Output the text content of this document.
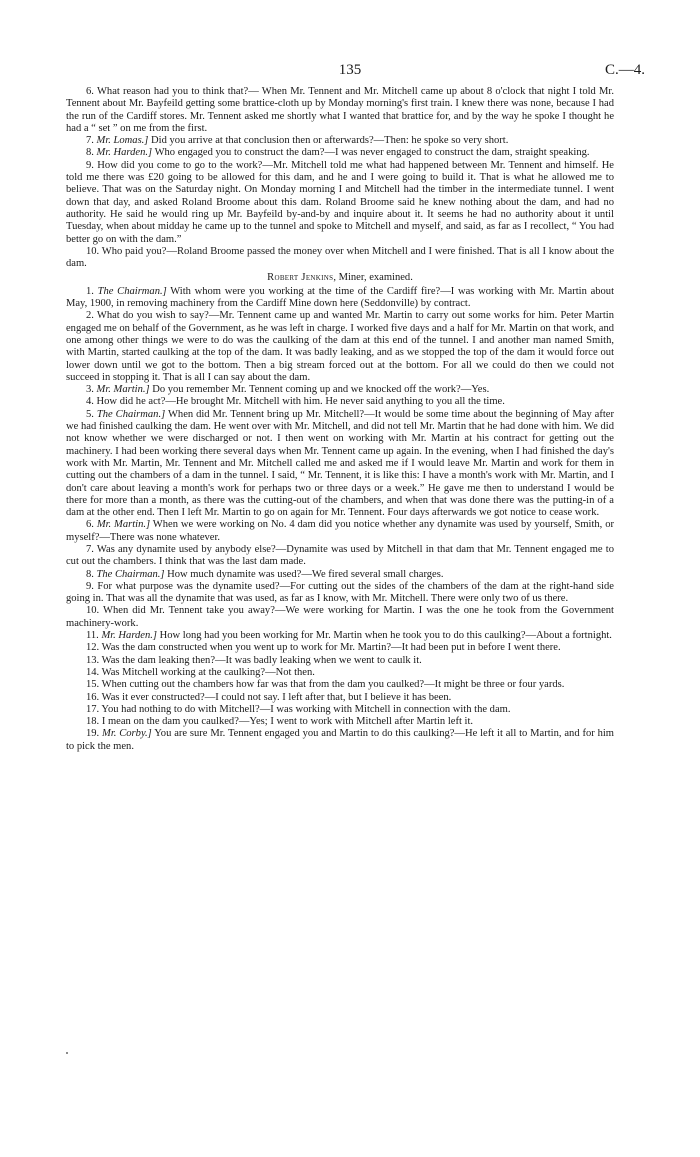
135	C.—4.

6. What reason had you to think that?— When Mr. Tennent and Mr. Mitchell came up about 8 o'clock that night I told Mr. Tennent about Mr. Bayfeild getting some brattice-cloth up by Monday morning's first train. I knew there was none, because I had the run of the Cardiff stores. Mr. Tennent asked me shortly what I wanted that brattice for, and by the way he spoke I thought he had a “ set ” on me from the first.

7. Mr. Lomas.] Did you arrive at that conclusion then or afterwards?—Then: he spoke so very short.

8. Mr. Harden.] Who engaged you to construct the dam?—I was never engaged to construct the dam, straight speaking.

9. How did you come to go to the work?—Mr. Mitchell told me what had happened between Mr. Tennent and himself. He told me there was £20 going to be allowed for this dam, and he and I were going to build it. That is what he allowed me to believe. That was on the Saturday night. On Monday morning I and Mitchell had the timber in the intermediate tunnel. I went down that day, and asked Roland Broome about this dam. Roland Broome said he knew nothing about the dam, and had no authority. He said he would ring up Mr. Bayfeild by-and-by and inquire about it. It seems he had no authority about it until Tuesday, when about midday he came up to the tunnel and spoke to Mitchell and myself, and said, as far as I recollect, “ You had better go on with the dam.”

10. Who paid you?—Roland Broome passed the money over when Mitchell and I were finished. That is all I know about the dam.

Robert Jenkins, Miner, examined.

1. The Chairman.] With whom were you working at the time of the Cardiff fire?—I was working with Mr. Martin about May, 1900, in removing machinery from the Cardiff Mine down here (Seddonville) by contract.

2. What do you wish to say?—Mr. Tennent came up and wanted Mr. Martin to carry out some works for him. Peter Martin engaged me on behalf of the Government, as he was left in charge. I worked five days and a half for Mr. Martin on that work, and one among other things we were to do was the caulking of the dam at this end of the tunnel. I and another man named Smith, with Martin, started caulking at the top of the dam. It was badly leaking, and as we stopped the top of the dam it would force out lower down until we got to the bottom. Then a big stream forced out at the bottom. For all we could do then we could not succeed in stopping it. That is all I can say about the dam.

3. Mr. Martin.] Do you remember Mr. Tennent coming up and we knocked off the work?—Yes.

4. How did he act?—He brought Mr. Mitchell with him. He never said anything to you all the time.

5. The Chairman.] When did Mr. Tennent bring up Mr. Mitchell?—It would be some time about the beginning of May after we had finished caulking the dam. He went over with Mr. Mitchell, and did not tell Mr. Martin that he had done with him. We did not know whether we were discharged or not. I then went on working with Mr. Martin at his contract for getting out the machinery. I had been working there several days when Mr. Tennent came up again. In the evening, when I had finished the day's work with Mr. Martin, Mr. Tennent and Mr. Mitchell called me and asked me if I would leave Mr. Martin and work for them in cutting out the chambers of a dam in the tunnel. I said, “ Mr. Tennent, it is like this: I have a month's work with Mr. Martin, and I don't care about leaving a month's work for perhaps two or three days or a week.” He gave me then to understand I would be there for more than a month, as there was the cutting-out of the chambers, and when that was done there was the putting-in of a dam at the other end. Then I left Mr. Martin to go on again for Mr. Tennent. Four days afterwards we got notice to cease work.

6. Mr. Martin.] When we were working on No. 4 dam did you notice whether any dynamite was used by yourself, Smith, or myself?—There was none whatever.

7. Was any dynamite used by anybody else?—Dynamite was used by Mitchell in that dam that Mr. Tennent engaged me to cut out the chambers. I think that was the last dam made.

8. The Chairman.] How much dynamite was used?—We fired several small charges.

9. For what purpose was the dynamite used?—For cutting out the sides of the chambers of the dam at the right-hand side going in. That was all the dynamite that was used, as far as I know, with Mr. Mitchell. There were only two of us there.

10. When did Mr. Tennent take you away?—We were working for Martin. I was the one he took from the Government machinery-work.

11. Mr. Harden.] How long had you been working for Mr. Martin when he took you to do this caulking?—About a fortnight.

12. Was the dam constructed when you went up to work for Mr. Martin?—It had been put in before I went there.

13. Was the dam leaking then?—It was badly leaking when we went to caulk it.

14. Was Mitchell working at the caulking?—Not then.

15. When cutting out the chambers how far was that from the dam you caulked?—It might be three or four yards.

16. Was it ever constructed?—I could not say. I left after that, but I believe it has been.

17. You had nothing to do with Mitchell?—I was working with Mitchell in connection with the dam.

18. I mean on the dam you caulked?—Yes; I went to work with Mitchell after Martin left it.

19. Mr. Corby.] You are sure Mr. Tennent engaged you and Martin to do this caulking?—He left it all to Martin, and for him to pick the men.
